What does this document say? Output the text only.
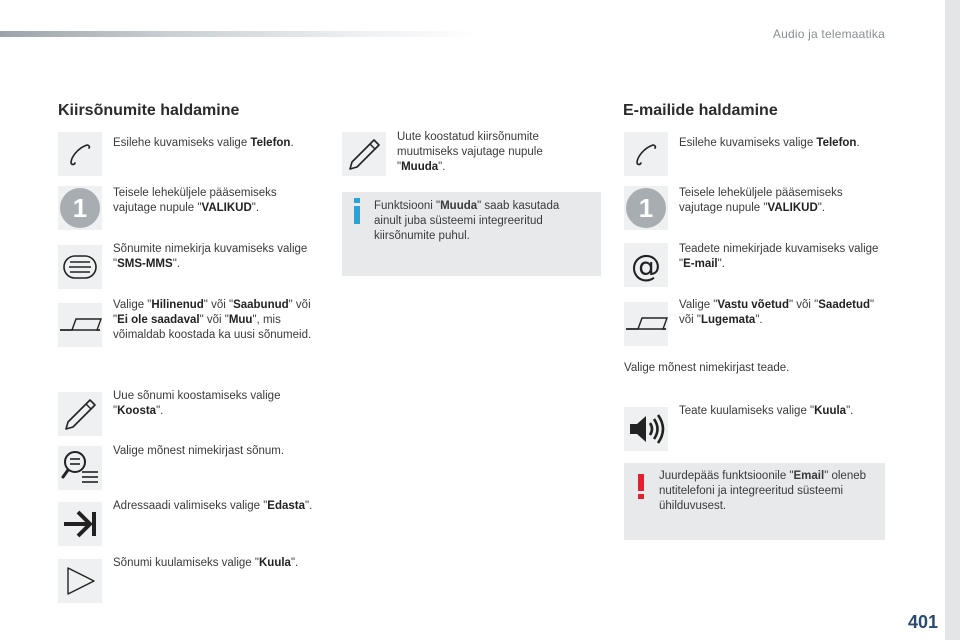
Audio ja telemaatika
401
Kiirsõnumite haldamine
Esilehe kuvamiseks valige Telefon.
1 Teisele leheküljele pääsemiseks vajutage nupule "VALIKUD".
Sõnumite nimekirja kuvamiseks valige "SMS-MMS".
Valige "Hilinenud" või "Saabunud" või "Ei ole saadaval" või "Muu", mis võimaldab koostada ka uusi sõnumeid.
Uue sõnumi koostamiseks valige "Koosta".
Valige mõnest nimekirjast sõnum.
Adressaadi valimiseks valige "Edasta".
Sõnumi kuulamiseks valige "Kuula".
Uute koostatud kiirsõnumite muutmiseks vajutage nupule "Muuda".
Funktsiooni "Muuda" saab kasutada ainult juba süsteemi integreeritud kiirsõnumite puhul.
E-mailide haldamine
Esilehe kuvamiseks valige Telefon.
1 Teisele leheküljele pääsemiseks vajutage nupule "VALIKUD".
@ Teadete nimekirjade kuvamiseks valige "E-mail".
Valige "Vastu võetud" või "Saadetud" või "Lugemata".
Valige mõnest nimekirjast teade.
Teate kuulamiseks valige "Kuula".
Juurdepääs funktsioonile "Email" oleneb nutitelefoni ja integreeritud süsteemi ühilduvusest.
